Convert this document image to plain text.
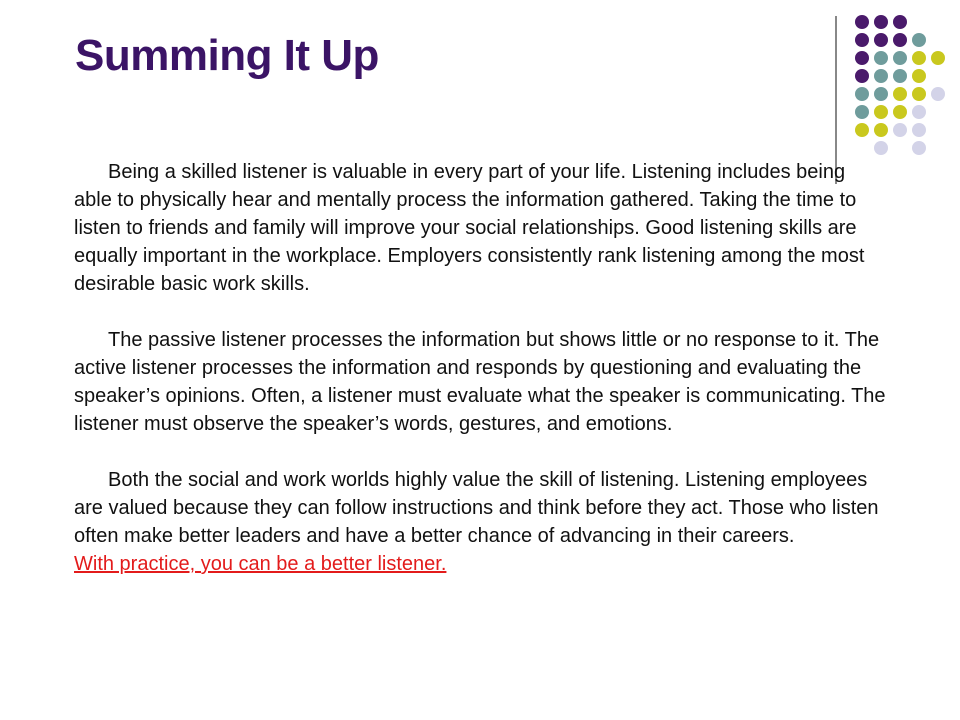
Summing It Up

Being a skilled listener is valuable in every part of your life. Listening includes being able to physically hear and mentally process the information gathered. Taking the time to listen to friends and family will improve your social relationships. Good listening skills are equally important in the workplace. Employers consistently rank listening among the most desirable basic work skills.

The passive listener processes the information but shows little or no response to it. The active listener processes the information and responds by questioning and evaluating the speaker’s opinions. Often, a listener must evaluate what the speaker is communicating. The listener must observe the speaker’s words, gestures, and emotions.

Both the social and work worlds highly value the skill of listening. Listening employees are valued because they can follow instructions and think before they act. Those who listen often make better leaders and have a better chance of advancing in their careers.

With practice, you can be a better listener.
